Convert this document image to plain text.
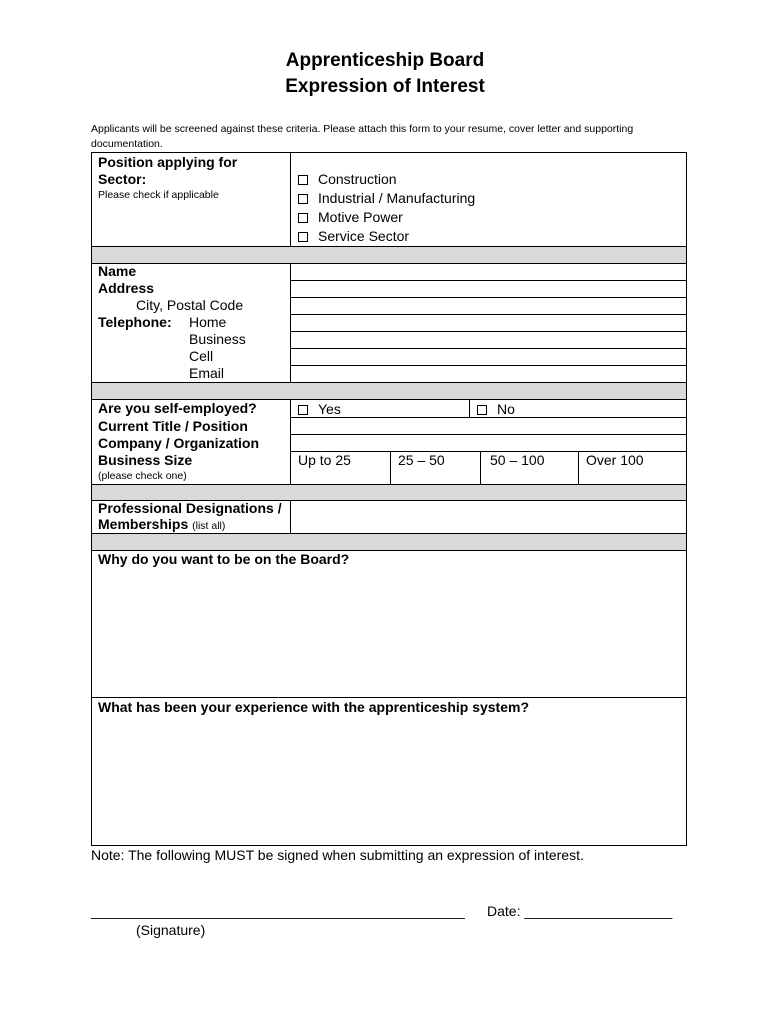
Apprenticeship Board
Expression of Interest
Applicants will be screened against these criteria. Please attach this form to your resume, cover letter and supporting documentation.
Position applying for
Sector:
Please check if applicable
Construction
Industrial / Manufacturing
Motive Power
Service Sector
Name
Address
City, Postal Code
Telephone: Home
Business
Cell
Email
Are you self-employed?	Yes	No
Current Title / Position
Company / Organization
Business Size
(please check one)
Up to 25	25 – 50	50 – 100	Over 100
Professional Designations /
Memberships (list all)
Why do you want to be on the Board?
What has been your experience with the apprenticeship system?
Note: The following MUST be signed when submitting an expression of interest.
________________________________________________
(Signature)
Date: ___________________
